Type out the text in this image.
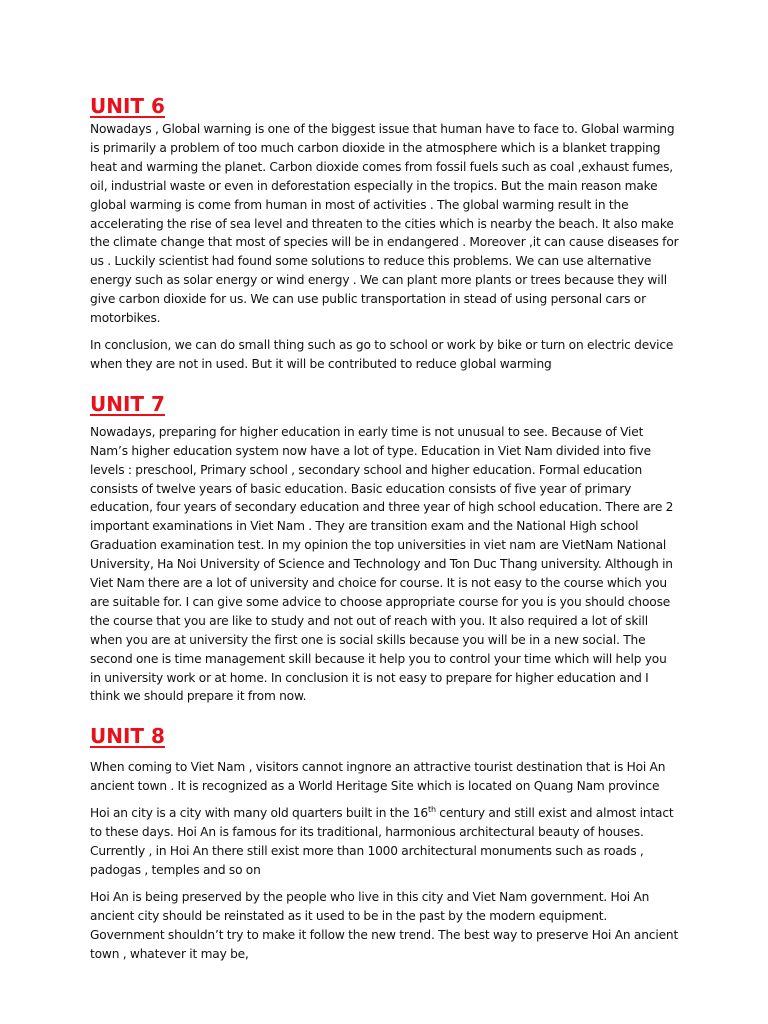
UNIT 6

Nowadays , Global warning is one of the biggest issue that human have to face to. Global warming is primarily a problem of too much carbon dioxide in the atmosphere which is a blanket trapping heat and warming the planet. Carbon dioxide comes from fossil fuels such as coal ,exhaust fumes, oil, industrial waste or even in deforestation especially in the tropics. But the main reason make global warming is come from human in most of activities . The global warming result in the accelerating the rise of sea level and threaten to the cities which is nearby the beach. It also make the climate change that most of species will be in endangered . Moreover ,it can cause diseases for us . Luckily scientist had found some solutions to reduce this problems. We can use alternative energy such as solar energy or wind energy . We can plant more plants or trees because they will give carbon dioxide for us. We can use public transportation in stead of using personal cars or motorbikes.

In conclusion, we can do small thing such as go to school or work by bike or turn on electric device when they are not in used. But it will be contributed to reduce global warming

UNIT 7

Nowadays, preparing for higher education in early time is not unusual to see. Because of Viet Nam’s higher education system now have a lot of type. Education in Viet Nam divided into five levels : preschool, Primary school , secondary school and higher education. Formal education consists of twelve years of basic education. Basic education consists of five year of primary education, four years of secondary education and three year of high school education. There are 2 important examinations in Viet Nam . They are transition exam and the National High school Graduation examination test. In my opinion the top universities in viet nam are VietNam National University, Ha Noi University of Science and Technology and Ton Duc Thang university. Although in Viet Nam there are a lot of university and choice for course. It is not easy to the course which you are suitable for. I can give some advice to choose appropriate course for you is you should choose the course that you are like to study and not out of reach with you. It also required a lot of skill when you are at university the first one is social skills because you will be in a new social. The second one is time management skill because it help you to control your time which will help you in university work or at home. In conclusion it is not easy to prepare for higher education and I think we should prepare it from now.

UNIT 8

When coming to Viet Nam , visitors cannot ingnore an attractive tourist destination that is Hoi An ancient town . It is recognized as a World Heritage Site which is located on Quang Nam province

Hoi an city is a city with many old quarters built in the 16th century and still exist and almost intact to these days. Hoi An is famous for its traditional, harmonious architectural beauty of houses. Currently , in Hoi An there still exist more than 1000 architectural monuments such as roads , padogas , temples and so on

Hoi An is being preserved by the people who live in this city and Viet Nam government. Hoi An ancient city should be reinstated as it used to be in the past by the modern equipment. Government shouldn’t try to make it follow the new trend. The best way to preserve Hoi An ancient town , whatever it may be,
